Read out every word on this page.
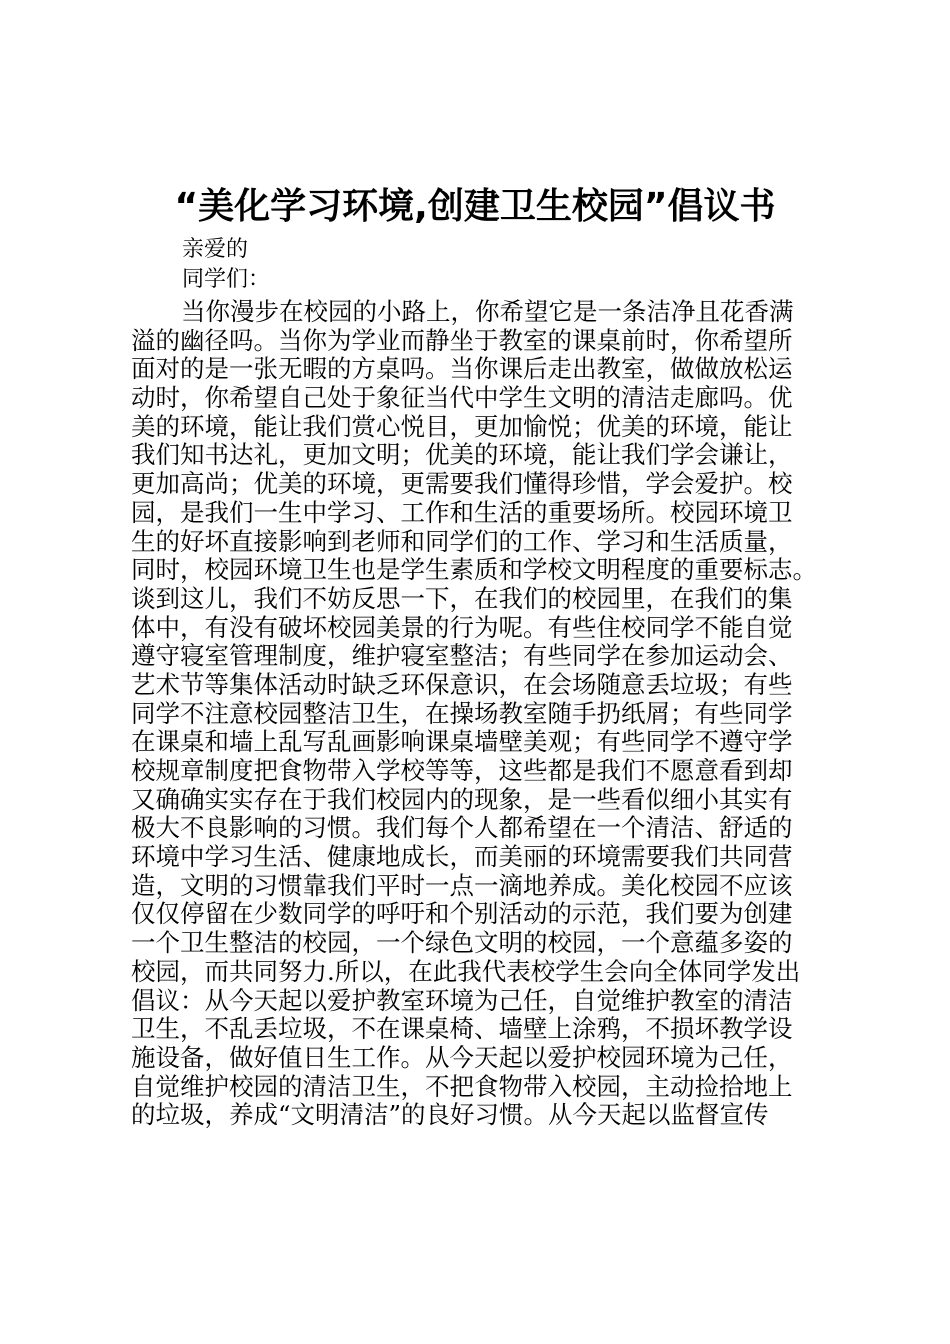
“美化学习环境,创建卫生校园”倡议书
亲爱的
同学们：
当你漫步在校园的小路上，你希望它是一条洁净且花香满
溢的幽径吗。当你为学业而静坐于教室的课桌前时，你希望所
面对的是一张无暇的方桌吗。当你课后走出教室，做做放松运
动时，你希望自己处于象征当代中学生文明的清洁走廊吗。优
美的环境，能让我们赏心悦目，更加愉悦；优美的环境，能让
我们知书达礼，更加文明；优美的环境，能让我们学会谦让，
更加高尚；优美的环境，更需要我们懂得珍惜，学会爱护。校
园，是我们一生中学习、工作和生活的重要场所。校园环境卫
生的好坏直接影响到老师和同学们的工作、学习和生活质量，
同时，校园环境卫生也是学生素质和学校文明程度的重要标志。
谈到这儿，我们不妨反思一下，在我们的校园里，在我们的集
体中，有没有破坏校园美景的行为呢。有些住校同学不能自觉
遵守寝室管理制度，维护寝室整洁；有些同学在参加运动会、
艺术节等集体活动时缺乏环保意识，在会场随意丢垃圾；有些
同学不注意校园整洁卫生，在操场教室随手扔纸屑；有些同学
在课桌和墙上乱写乱画影响课桌墙壁美观；有些同学不遵守学
校规章制度把食物带入学校等等，这些都是我们不愿意看到却
又确确实实存在于我们校园内的现象，是一些看似细小其实有
极大不良影响的习惯。我们每个人都希望在一个清洁、舒适的
环境中学习生活、健康地成长，而美丽的环境需要我们共同营
造，文明的习惯靠我们平时一点一滴地养成。美化校园不应该
仅仅停留在少数同学的呼吁和个别活动的示范，我们要为创建
一个卫生整洁的校园，一个绿色文明的校园，一个意蕴多姿的
校园，而共同努力.所以，在此我代表校学生会向全体同学发出
倡议：从今天起以爱护教室环境为己任，自觉维护教室的清洁
卫生，不乱丢垃圾，不在课桌椅、墙壁上涂鸦，不损坏教学设
施设备，做好值日生工作。从今天起以爱护校园环境为己任，
自觉维护校园的清洁卫生，不把食物带入校园，主动捡拾地上
的垃圾，养成“文明清洁”的良好习惯。从今天起以监督宣传
